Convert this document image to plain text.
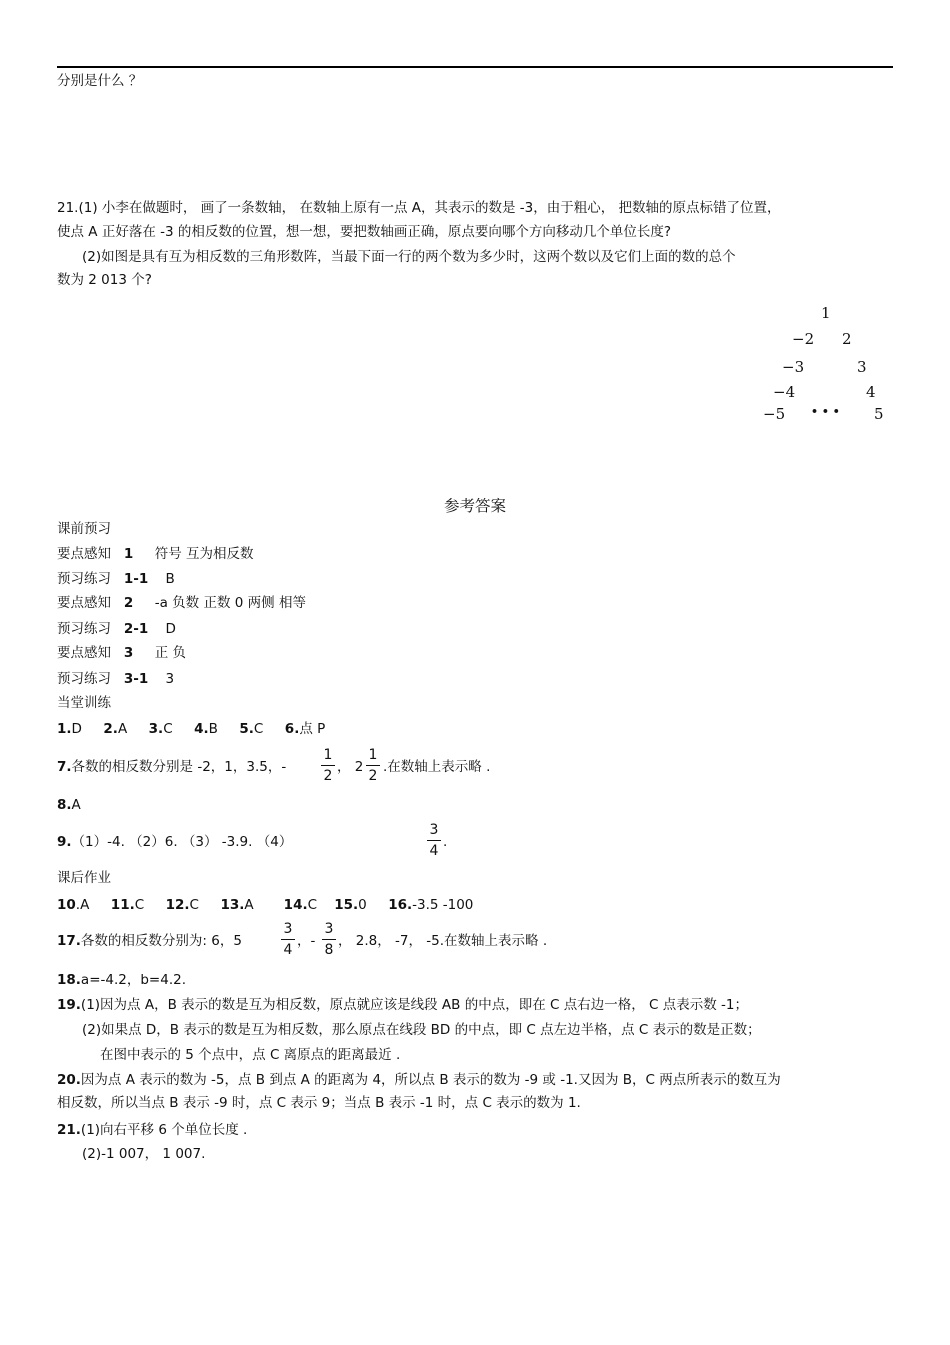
分别是什么 ？
21.(1) 小李在做题时， 画了一条数轴， 在数轴上原有一点 A，其表示的数是 -3，由于粗心， 把数轴的原点标错了位置，
使点 A 正好落在 -3 的相反数的位置，想一想，要把数轴画正确，原点要向哪个方向移动几个单位长度?
(2)如图是具有互为相反数的三角形数阵，当最下面一行的两个数为多少时，这两个数以及它们上面的数的总个
数为 2 013 个?
1
−2 2
−3	3
−4	4
−5 • • • 5
参考答案
课前预习
要点感知 1 符号 互为相反数
预习练习 1-1 B
要点感知 2 -a 负数 正数 0 两侧 相等
预习练习 2-1 D
要点感知 3 正 负
预习练习 3-1 3
当堂训练
1.D 2.A 3.C 4.B 5.C 6.点 P
7.各数的相反数分别是 -2，1，3.5，-
1
2
， 2
1
2
.在数轴上表示略 .
8.A
9.（1）-4. （2）6. （3） -3.9. （4）
3
4
.
课后作业
10.A 11.C 12.C 13.A 14.C 15.0 16.-3.5 -100
17.各数的相反数分别为: 6，5
3
4
，-
3
8
， 2.8， -7， -5.在数轴上表示略 .
18.a=-4.2，b=4.2.
19.(1)因为点 A，B 表示的数是互为相反数，原点就应该是线段 AB 的中点，即在 C 点右边一格， C 点表示数 -1；
(2)如果点 D，B 表示的数是互为相反数，那么原点在线段 BD 的中点，即 C 点左边半格，点 C 表示的数是正数；
在图中表示的 5 个点中，点 C 离原点的距离最近 .
20.因为点 A 表示的数为 -5，点 B 到点 A 的距离为 4，所以点 B 表示的数为 -9 或 -1.又因为 B，C 两点所表示的数互为
相反数，所以当点 B 表示 -9 时，点 C 表示 9；当点 B 表示 -1 时，点 C 表示的数为 1.
21.(1)向右平移 6 个单位长度 .
(2)-1 007， 1 007.
